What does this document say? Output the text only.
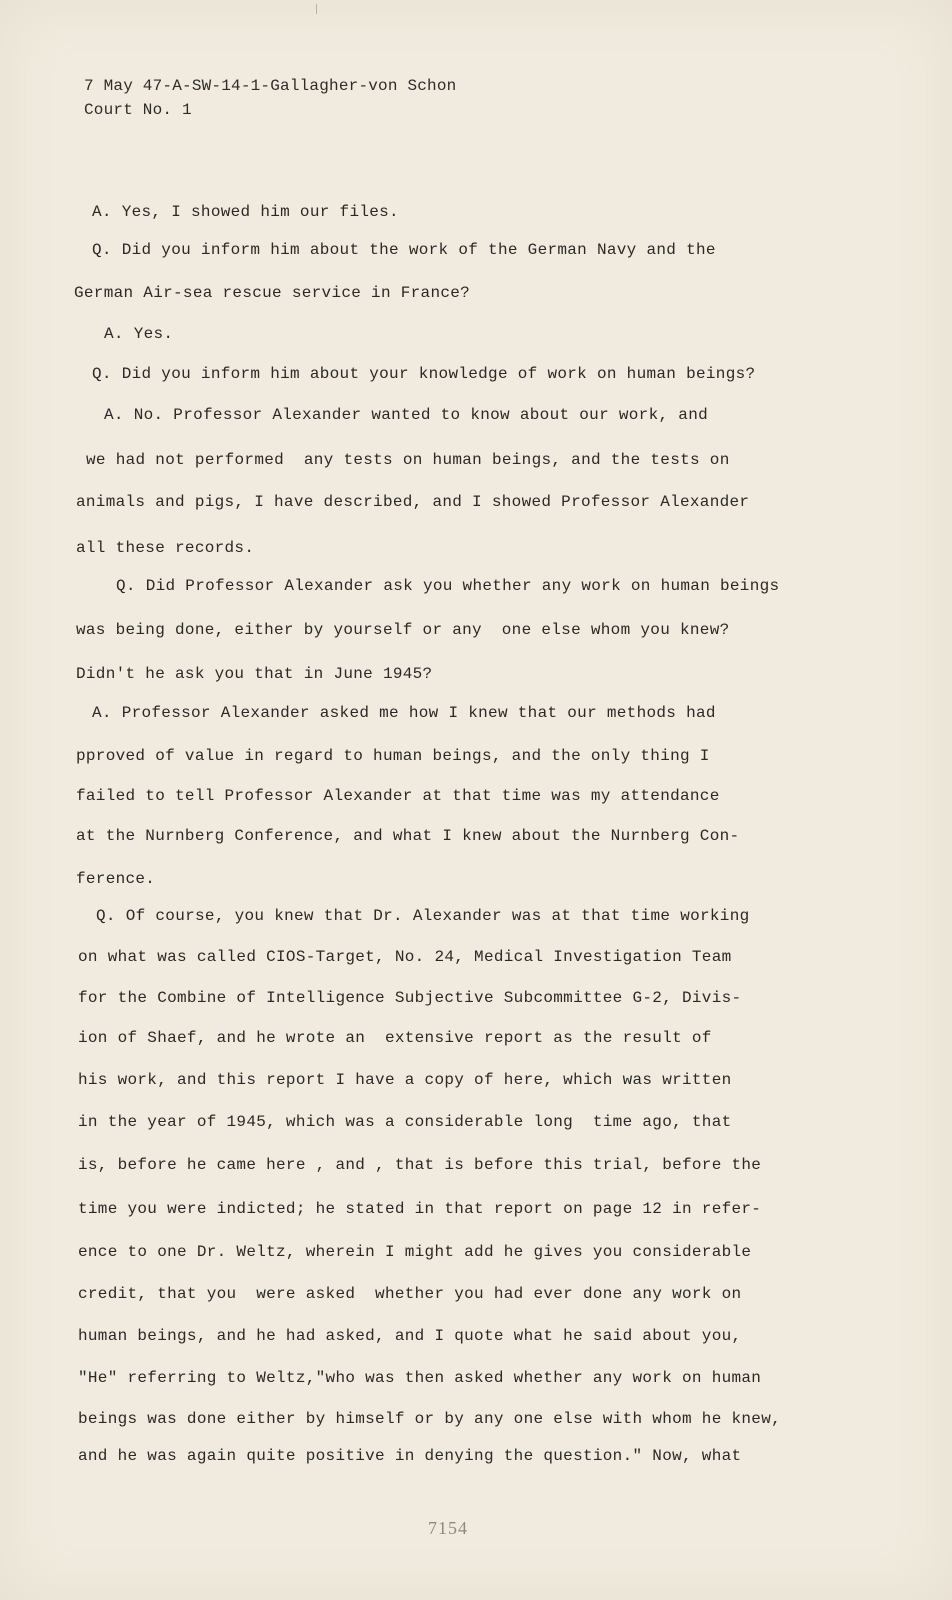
7 May 47-A-SW-14-1-Gallagher-von Schon
Court No. 1
A. Yes, I showed him our files.
Q. Did you inform him about the work of the German Navy and the
German Air-sea rescue service in France?
A. Yes.
Q. Did you inform him about your knowledge of work on human beings?
A. No. Professor Alexander wanted to know about our work, and
we had not performed  any tests on human beings, and the tests on
animals and pigs, I have described, and I showed Professor Alexander
all these records.
Q. Did Professor Alexander ask you whether any work on human beings
was being done, either by yourself or any  one else whom you knew?
Didn't he ask you that in June 1945?
A. Professor Alexander asked me how I knew that our methods had
pproved of value in regard to human beings, and the only thing I
failed to tell Professor Alexander at that time was my attendance
at the Nurnberg Conference, and what I knew about the Nurnberg Con-
ference.
Q. Of course, you knew that Dr. Alexander was at that time working
on what was called CIOS-Target, No. 24, Medical Investigation Team
for the Combine of Intelligence Subjective Subcommittee G-2, Divis-
ion of Shaef, and he wrote an  extensive report as the result of
his work, and this report I have a copy of here, which was written
in the year of 1945, which was a considerable long  time ago, that
is, before he came here , and , that is before this trial, before the
time you were indicted; he stated in that report on page 12 in refer-
ence to one Dr. Weltz, wherein I might add he gives you considerable
credit, that you  were asked  whether you had ever done any work on
human beings, and he had asked, and I quote what he said about you,
"He" referring to Weltz,"who was then asked whether any work on human
beings was done either by himself or by any one else with whom he knew,
and he was again quite positive in denying the question." Now, what
7154
